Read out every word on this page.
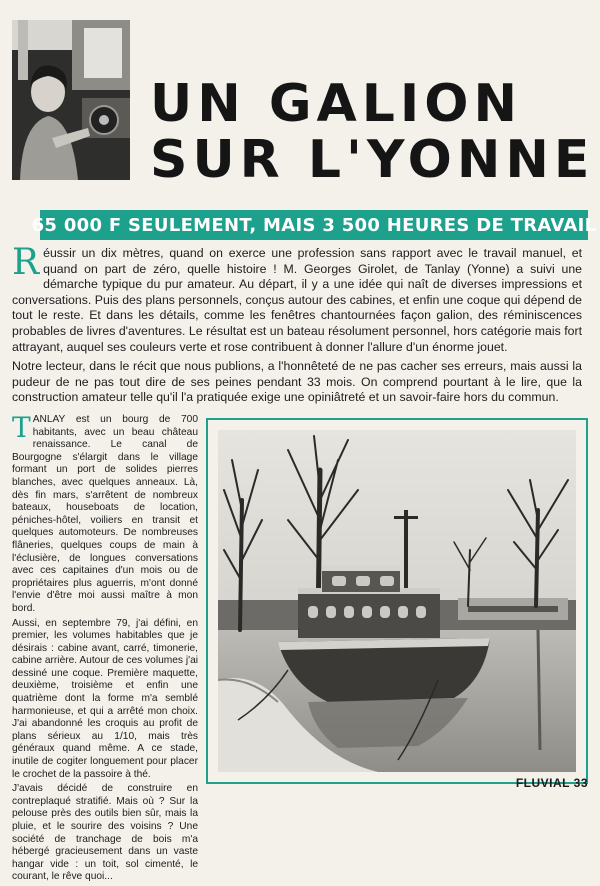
UN GALION
SUR L'YONNE
65 000 F SEULEMENT, MAIS 3 500 HEURES DE TRAVAIL

Réussir un dix mètres, quand on exerce une profession sans rapport avec le travail manuel, et quand on part de zéro, quelle histoire ! M. Georges Girolet, de Tanlay (Yonne) a suivi une démarche typique du pur amateur. Au départ, il y a une idée qui naît de diverses impressions et conversations. Puis des plans personnels, conçus autour des cabines, et enfin une coque qui dépend de tout le reste. Et dans les détails, comme les fenêtres chantournées façon galion, des réminiscences probables de livres d'aventures. Le résultat est un bateau résolument personnel, hors catégorie mais fort attrayant, auquel ses couleurs verte et rose contribuent à donner l'allure d'un énorme jouet.

Notre lecteur, dans le récit que nous publions, a l'honnêteté de ne pas cacher ses erreurs, mais aussi la pudeur de ne pas tout dire de ses peines pendant 33 mois. On comprend pourtant à le lire, que la construction amateur telle qu'il l'a pratiquée exige une opiniâtreté et un savoir-faire hors du commun.

TANLAY est un bourg de 700 habitants, avec un beau château renaissance. Le canal de Bourgogne s'élargit dans le village formant un port de solides pierres blanches, avec quelques anneaux. Là, dès fin mars, s'arrêtent de nombreux bateaux, houseboats de location, péniches-hôtel, voiliers en transit et quelques automoteurs. De nombreuses flâneries, quelques coups de main à l'éclusière, de longues conversations avec ces capitaines d'un mois ou de propriétaires plus aguerris, m'ont donné l'envie d'être moi aussi maître à mon bord.

Aussi, en septembre 79, j'ai défini, en premier, les volumes habitables que je désirais : cabine avant, carré, timonerie, cabine arrière. Autour de ces volumes j'ai dessiné une coque. Première maquette, deuxième, troisième et enfin une quatrième dont la forme m'a semblé harmonieuse, et qui a arrêté mon choix. J'ai abandonné les croquis au profit de plans sérieux au 1/10, mais très généraux quand même. A ce stade, inutile de cogiter longuement pour placer le crochet de la passoire à thé.

J'avais décidé de construire en contreplaqué stratifié. Mais où ? Sur la pelouse près des outils bien sûr, mais la pluie, et le sourire des voisins ? Une société de tranchage de bois m'a hébergé gracieusement dans un vaste hangar vide : un toit, sol cimenté, le courant, le rêve quoi...

FLUVIAL 33
